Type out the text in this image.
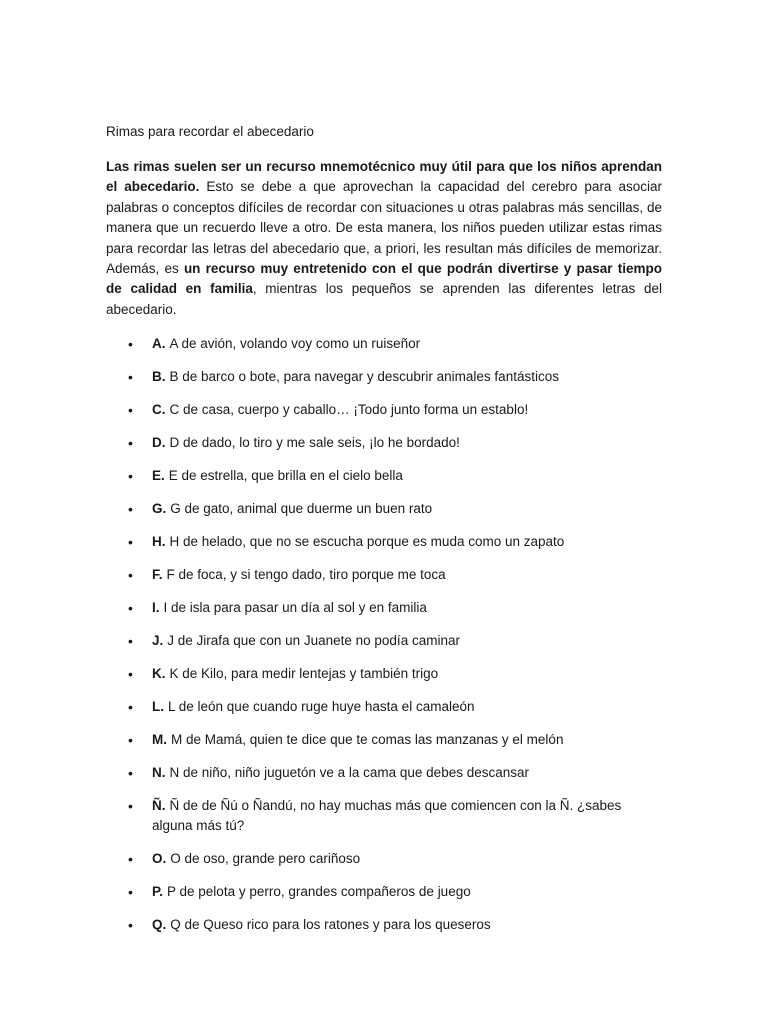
Rimas para recordar el abecedario

Las rimas suelen ser un recurso mnemotécnico muy útil para que los niños aprendan el abecedario. Esto se debe a que aprovechan la capacidad del cerebro para asociar palabras o conceptos difíciles de recordar con situaciones u otras palabras más sencillas, de manera que un recuerdo lleve a otro. De esta manera, los niños pueden utilizar estas rimas para recordar las letras del abecedario que, a priori, les resultan más difíciles de memorizar. Además, es un recurso muy entretenido con el que podrán divertirse y pasar tiempo de calidad en familia, mientras los pequeños se aprenden las diferentes letras del abecedario.

• A. A de avión, volando voy como un ruiseñor
• B. B de barco o bote, para navegar y descubrir animales fantásticos
• C. C de casa, cuerpo y caballo… ¡Todo junto forma un establo!
• D. D de dado, lo tiro y me sale seis, ¡lo he bordado!
• E. E de estrella, que brilla en el cielo bella
• G. G de gato, animal que duerme un buen rato
• H. H de helado, que no se escucha porque es muda como un zapato
• F. F de foca, y si tengo dado, tiro porque me toca
• I. I de isla para pasar un día al sol y en familia
• J. J de Jirafa que con un Juanete no podía caminar
• K. K de Kilo, para medir lentejas y también trigo
• L. L de león que cuando ruge huye hasta el camaleón
• M. M de Mamá, quien te dice que te comas las manzanas y el melón
• N. N de niño, niño juguetón ve a la cama que debes descansar
• Ñ. Ñ de de Ñú o Ñandú, no hay muchas más que comiencen con la Ñ. ¿sabes alguna más tú?
• O. O de oso, grande pero cariñoso
• P. P de pelota y perro, grandes compañeros de juego
• Q. Q de Queso rico para los ratones y para los queseros
